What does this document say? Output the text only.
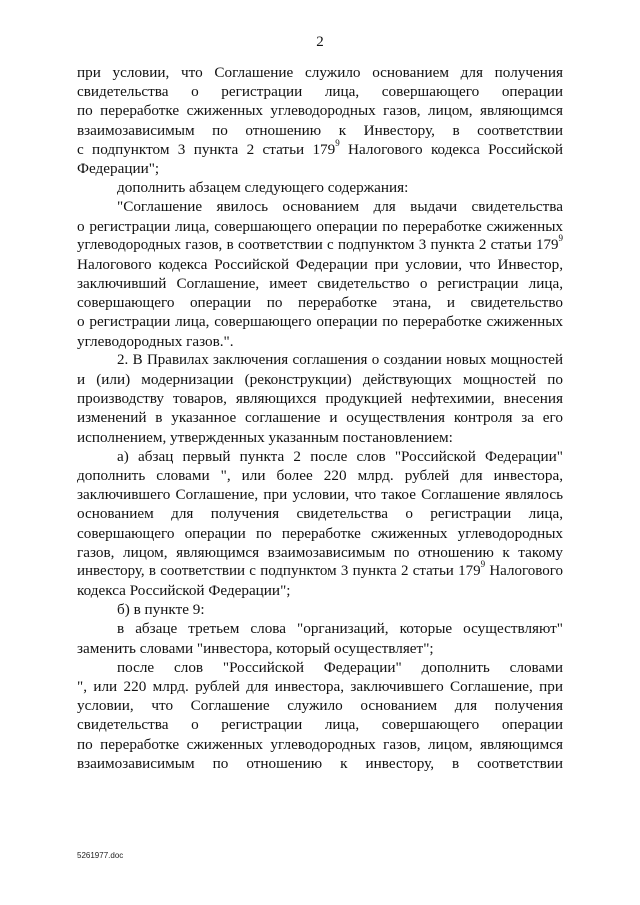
2
при условии, что Соглашение служило основанием для получения
свидетельства о регистрации лица, совершающего операции
по переработке сжиженных углеводородных газов, лицом, являющимся
взаимозависимым по отношению к Инвестору, в соответствии
с подпунктом 3 пункта 2 статьи $179^9$ Налогового кодекса Российской
Федерации";
дополнить абзацем следующего содержания:
"Соглашение явилось основанием для выдачи свидетельства
о регистрации лица, совершающего операции по переработке сжиженных
углеводородных газов, в соответствии с подпунктом 3 пункта 2 статьи $179^9$
Налогового кодекса Российской Федерации при условии, что Инвестор,
заключивший Соглашение, имеет свидетельство о регистрации лица,
совершающего операции по переработке этана, и свидетельство
о регистрации лица, совершающего операции по переработке сжиженных
углеводородных газов.".
2. В Правилах заключения соглашения о создании новых мощностей
и (или) модернизации (реконструкции) действующих мощностей по
производству товаров, являющихся продукцией нефтехимии, внесения
изменений в указанное соглашение и осуществления контроля за его
исполнением, утвержденных указанным постановлением:
а) абзац первый пункта 2 после слов "Российской Федерации"
дополнить словами ", или более 220 млрд. рублей для инвестора,
заключившего Соглашение, при условии, что такое Соглашение являлось
основанием для получения свидетельства о регистрации лица,
совершающего операции по переработке сжиженных углеводородных
газов, лицом, являющимся взаимозависимым по отношению к такому
инвестору, в соответствии с подпунктом 3 пункта 2 статьи $179^9$ Налогового
кодекса Российской Федерации";
б) в пункте 9:
в абзаце третьем слова "организаций, которые осуществляют"
заменить словами "инвестора, который осуществляет";
после слов "Российской Федерации" дополнить словами
", или 220 млрд. рублей для инвестора, заключившего Соглашение, при
условии, что Соглашение служило основанием для получения
свидетельства о регистрации лица, совершающего операции
по переработке сжиженных углеводородных газов, лицом, являющимся
взаимозависимым по отношению к инвестору, в соответствии
5261977.doc
